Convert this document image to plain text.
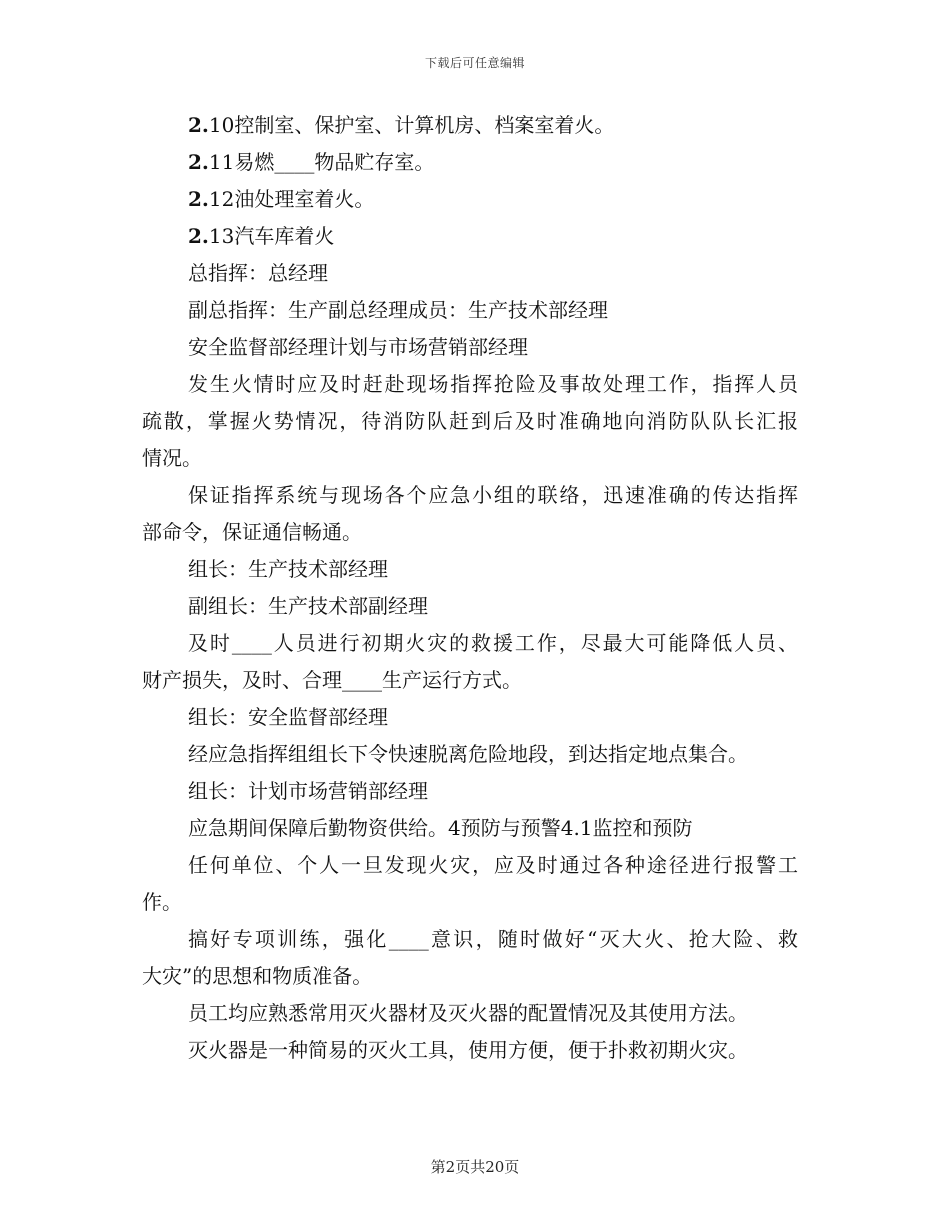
下载后可任意编辑
2.10控制室、保护室、计算机房、档案室着火。
2.11易燃____物品贮存室。
2.12油处理室着火。
2.13汽车库着火
总指挥：总经理
副总指挥：生产副总经理成员：生产技术部经理
安全监督部经理计划与市场营销部经理
发生火情时应及时赶赴现场指挥抢险及事故处理工作，指挥人员
疏散，掌握火势情况，待消防队赶到后及时准确地向消防队队长汇报
情况。
保证指挥系统与现场各个应急小组的联络，迅速准确的传达指挥
部命令，保证通信畅通。
组长：生产技术部经理
副组长：生产技术部副经理
及时____人员进行初期火灾的救援工作，尽最大可能降低人员、
财产损失，及时、合理____生产运行方式。
组长：安全监督部经理
经应急指挥组组长下令快速脱离危险地段，到达指定地点集合。
组长：计划市场营销部经理
应急期间保障后勤物资供给。4预防与预警4.1监控和预防
任何单位、个人一旦发现火灾，应及时通过各种途径进行报警工
作。
搞好专项训练，强化____意识，随时做好“灭大火、抢大险、救
大灾”的思想和物质准备。
员工均应熟悉常用灭火器材及灭火器的配置情况及其使用方法。
灭火器是一种简易的灭火工具，使用方便，便于扑救初期火灾。
第2页共20页
